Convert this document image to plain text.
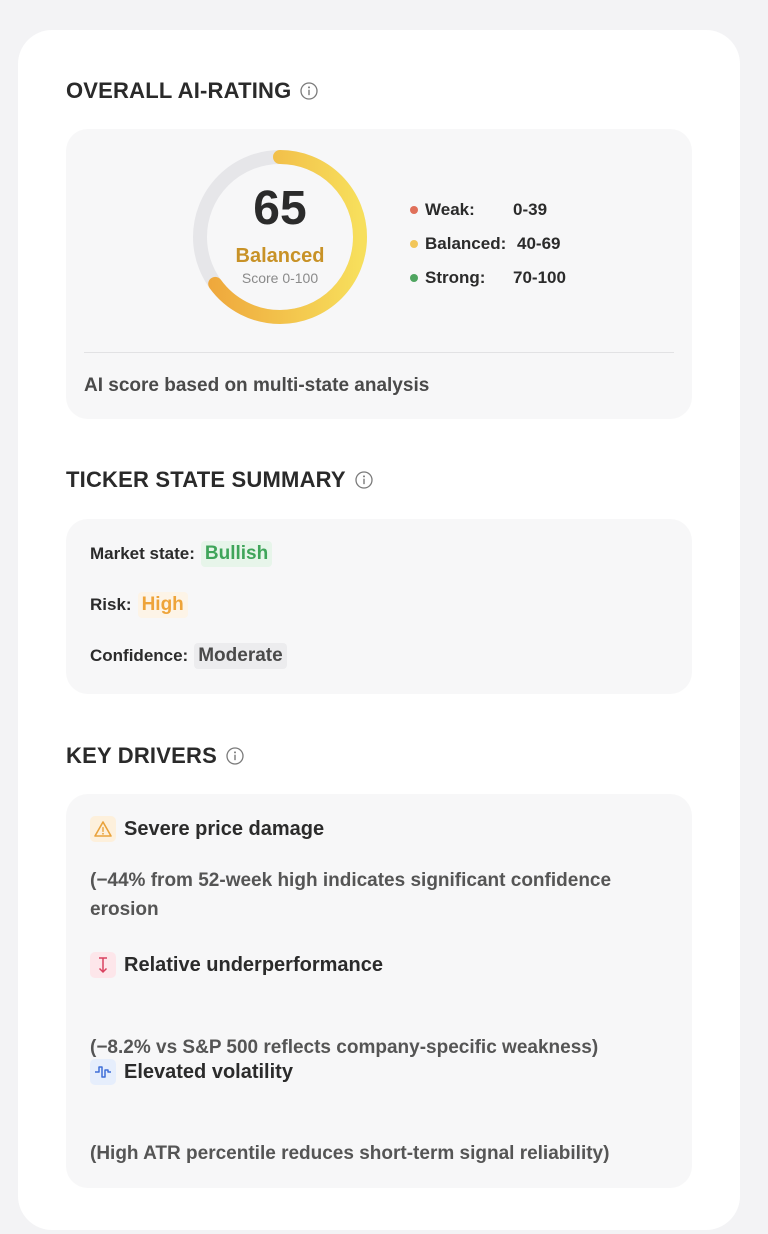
OVERALL AI-RATING
65
Balanced
Score 0-100
Weak:	0-39
Balanced: 40-69
Strong:	70-100
AI score based on multi-state analysis
TICKER STATE SUMMARY
Market state: Bullish
Risk: High
Confidence: Moderate
KEY DRIVERS
Severe price damage
(−44% from 52-week high indicates significant confidence erosion
Relative underperformance
(−8.2% vs S&P 500 reflects company-specific weakness)
Elevated volatility
(High ATR percentile reduces short-term signal reliability)
